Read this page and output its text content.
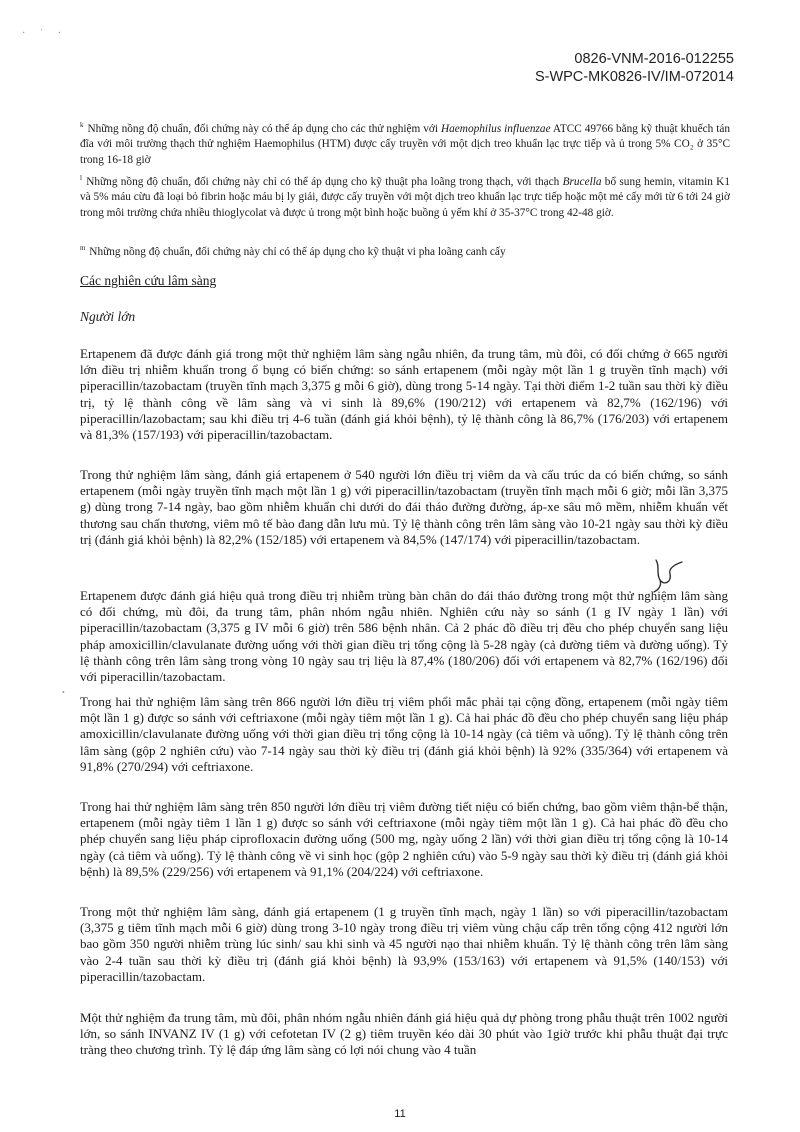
· ˈ ·
0826-VNM-2016-012255
S-WPC-MK0826-IV/IM-072014
$^k$ Những nồng độ chuẩn, đối chứng này có thể áp dụng cho các thử nghiệm với Haemophilus influenzae ATCC 49766 bằng kỹ thuật khuếch tán đĩa với môi trường thạch thử nghiệm Haemophilus (HTM) được cấy truyền với một dịch treo khuẩn lạc trực tiếp và ủ trong 5% CO₂ ở 35°C trong 16-18 giờ
$^l$ Những nồng độ chuẩn, đối chứng này chỉ có thể áp dụng cho kỹ thuật pha loãng trong thạch, với thạch Brucella bổ sung hemin, vitamin K1 và 5% máu cừu đã loại bỏ fibrin hoặc máu bị ly giải, được cấy truyền với một dịch treo khuẩn lạc trực tiếp hoặc một mẻ cấy mới từ 6 tới 24 giờ trong môi trường chứa nhiều thioglycolat và được ủ trong một bình hoặc buồng ủ yếm khí ở 35-37°C trong 42-48 giờ.
$^m$ Những nồng độ chuẩn, đối chứng này chỉ có thể áp dụng cho kỹ thuật vi pha loãng canh cấy
Các nghiên cứu lâm sàng
Người lớn
Ertapenem đã được đánh giá trong một thử nghiệm lâm sàng ngẫu nhiên, đa trung tâm, mù đôi, có đối chứng ở 665 người lớn điều trị nhiễm khuẩn trong ổ bụng có biến chứng: so sánh ertapenem (mỗi ngày một lần 1 g truyền tĩnh mạch) với piperacillin/tazobactam (truyền tĩnh mạch 3,375 g mỗi 6 giờ), dùng trong 5-14 ngày. Tại thời điểm 1-2 tuần sau thời kỳ điều trị, tỷ lệ thành công về lâm sàng và vi sinh là 89,6% (190/212) với ertapenem và 82,7% (162/196) với piperacillin/lazobactam; sau khi điều trị 4-6 tuần (đánh giá khỏi bệnh), tỷ lệ thành công là 86,7% (176/203) với ertapenem và 81,3% (157/193) với piperacillin/tazobactam.
Trong thử nghiệm lâm sàng, đánh giá ertapenem ở 540 người lớn điều trị viêm da và cấu trúc da có biến chứng, so sánh ertapenem (mỗi ngày truyền tĩnh mạch một lần 1 g) với piperacillin/tazobactam (truyền tĩnh mạch mỗi 6 giờ; mỗi lần 3,375 g) dùng trong 7-14 ngày, bao gồm nhiễm khuẩn chi dưới do đái tháo đường đường, áp-xe sâu mô mềm, nhiễm khuẩn vết thương sau chấn thương, viêm mô tế bào đang dẫn lưu mủ. Tỷ lệ thành công trên lâm sàng vào 10-21 ngày sau thời kỳ điều trị (đánh giá khỏi bệnh) là 82,2% (152/185) với ertapenem và 84,5% (147/174) với piperacillin/tazobactam.
Ertapenem được đánh giá hiệu quả trong điều trị nhiễm trùng bàn chân do đái tháo đường trong một thử nghiệm lâm sàng có đối chứng, mù đôi, đa trung tâm, phân nhóm ngẫu nhiên. Nghiên cứu này so sánh (1 g IV ngày 1 lần) với piperacillin/tazobactam (3,375 g IV mỗi 6 giờ) trên 586 bệnh nhân. Cả 2 phác đồ điều trị đều cho phép chuyển sang liệu pháp amoxicillin/clavulanate đường uống với thời gian điều trị tổng cộng là 5-28 ngày (cả đường tiêm và đường uống). Tỷ lệ thành công trên lâm sàng trong vòng 10 ngày sau trị liệu là 87,4% (180/206) đối với ertapenem và 82,7% (162/196) đối với piperacillin/tazobactam.
Trong hai thử nghiệm lâm sàng trên 866 người lớn điều trị viêm phổi mắc phải tại cộng đồng, ertapenem (mỗi ngày tiêm một lần 1 g) được so sánh với ceftriaxone (mỗi ngày tiêm một lần 1 g). Cả hai phác đồ đều cho phép chuyển sang liệu pháp amoxicillin/clavulanate đường uống với thời gian điều trị tổng cộng là 10-14 ngày (cả tiêm và uống). Tỷ lệ thành công trên lâm sàng (gộp 2 nghiên cứu) vào 7-14 ngày sau thời kỳ điều trị (đánh giá khỏi bệnh) là 92% (335/364) với ertapenem và 91,8% (270/294) với ceftriaxone.
Trong hai thử nghiệm lâm sàng trên 850 người lớn điều trị viêm đường tiết niệu có biến chứng, bao gồm viêm thận-bể thận, ertapenem (mỗi ngày tiêm 1 lần 1 g) được so sánh với ceftriaxone (mỗi ngày tiêm một lần 1 g). Cả hai phác đồ đều cho phép chuyển sang liệu pháp ciprofloxacin đường uống (500 mg, ngày uống 2 lần) với thời gian điều trị tổng cộng là 10-14 ngày (cả tiêm và uống). Tỷ lệ thành công về vi sinh học (gộp 2 nghiên cứu) vào 5-9 ngày sau thời kỳ điều trị (đánh giá khỏi bệnh) là 89,5% (229/256) với ertapenem và 91,1% (204/224) với ceftriaxone.
Trong một thử nghiệm lâm sàng, đánh giá ertapenem (1 g truyền tĩnh mạch, ngày 1 lần) so với piperacillin/tazobactam (3,375 g tiêm tĩnh mạch mỗi 6 giờ) dùng trong 3-10 ngày trong điều trị viêm vùng chậu cấp trên tổng cộng 412 người lớn bao gồm 350 người nhiễm trùng lúc sinh/ sau khi sinh và 45 người nạo thai nhiễm khuẩn. Tỷ lệ thành công trên lâm sàng vào 2-4 tuần sau thời kỳ điều trị (đánh giá khỏi bệnh) là 93,9% (153/163) với ertapenem và 91,5% (140/153) với piperacillin/tazobactam.
Một thử nghiệm đa trung tâm, mù đôi, phân nhóm ngẫu nhiên đánh giá hiệu quả dự phòng trong phẫu thuật trên 1002 người lớn, so sánh INVANZ IV (1 g) với cefotetan IV (2 g) tiêm truyền kéo dài 30 phút vào 1giờ trước khi phẫu thuật đại trực tràng theo chương trình. Tỷ lệ đáp ứng lâm sàng có lợi nói chung vào 4 tuần
•
11
